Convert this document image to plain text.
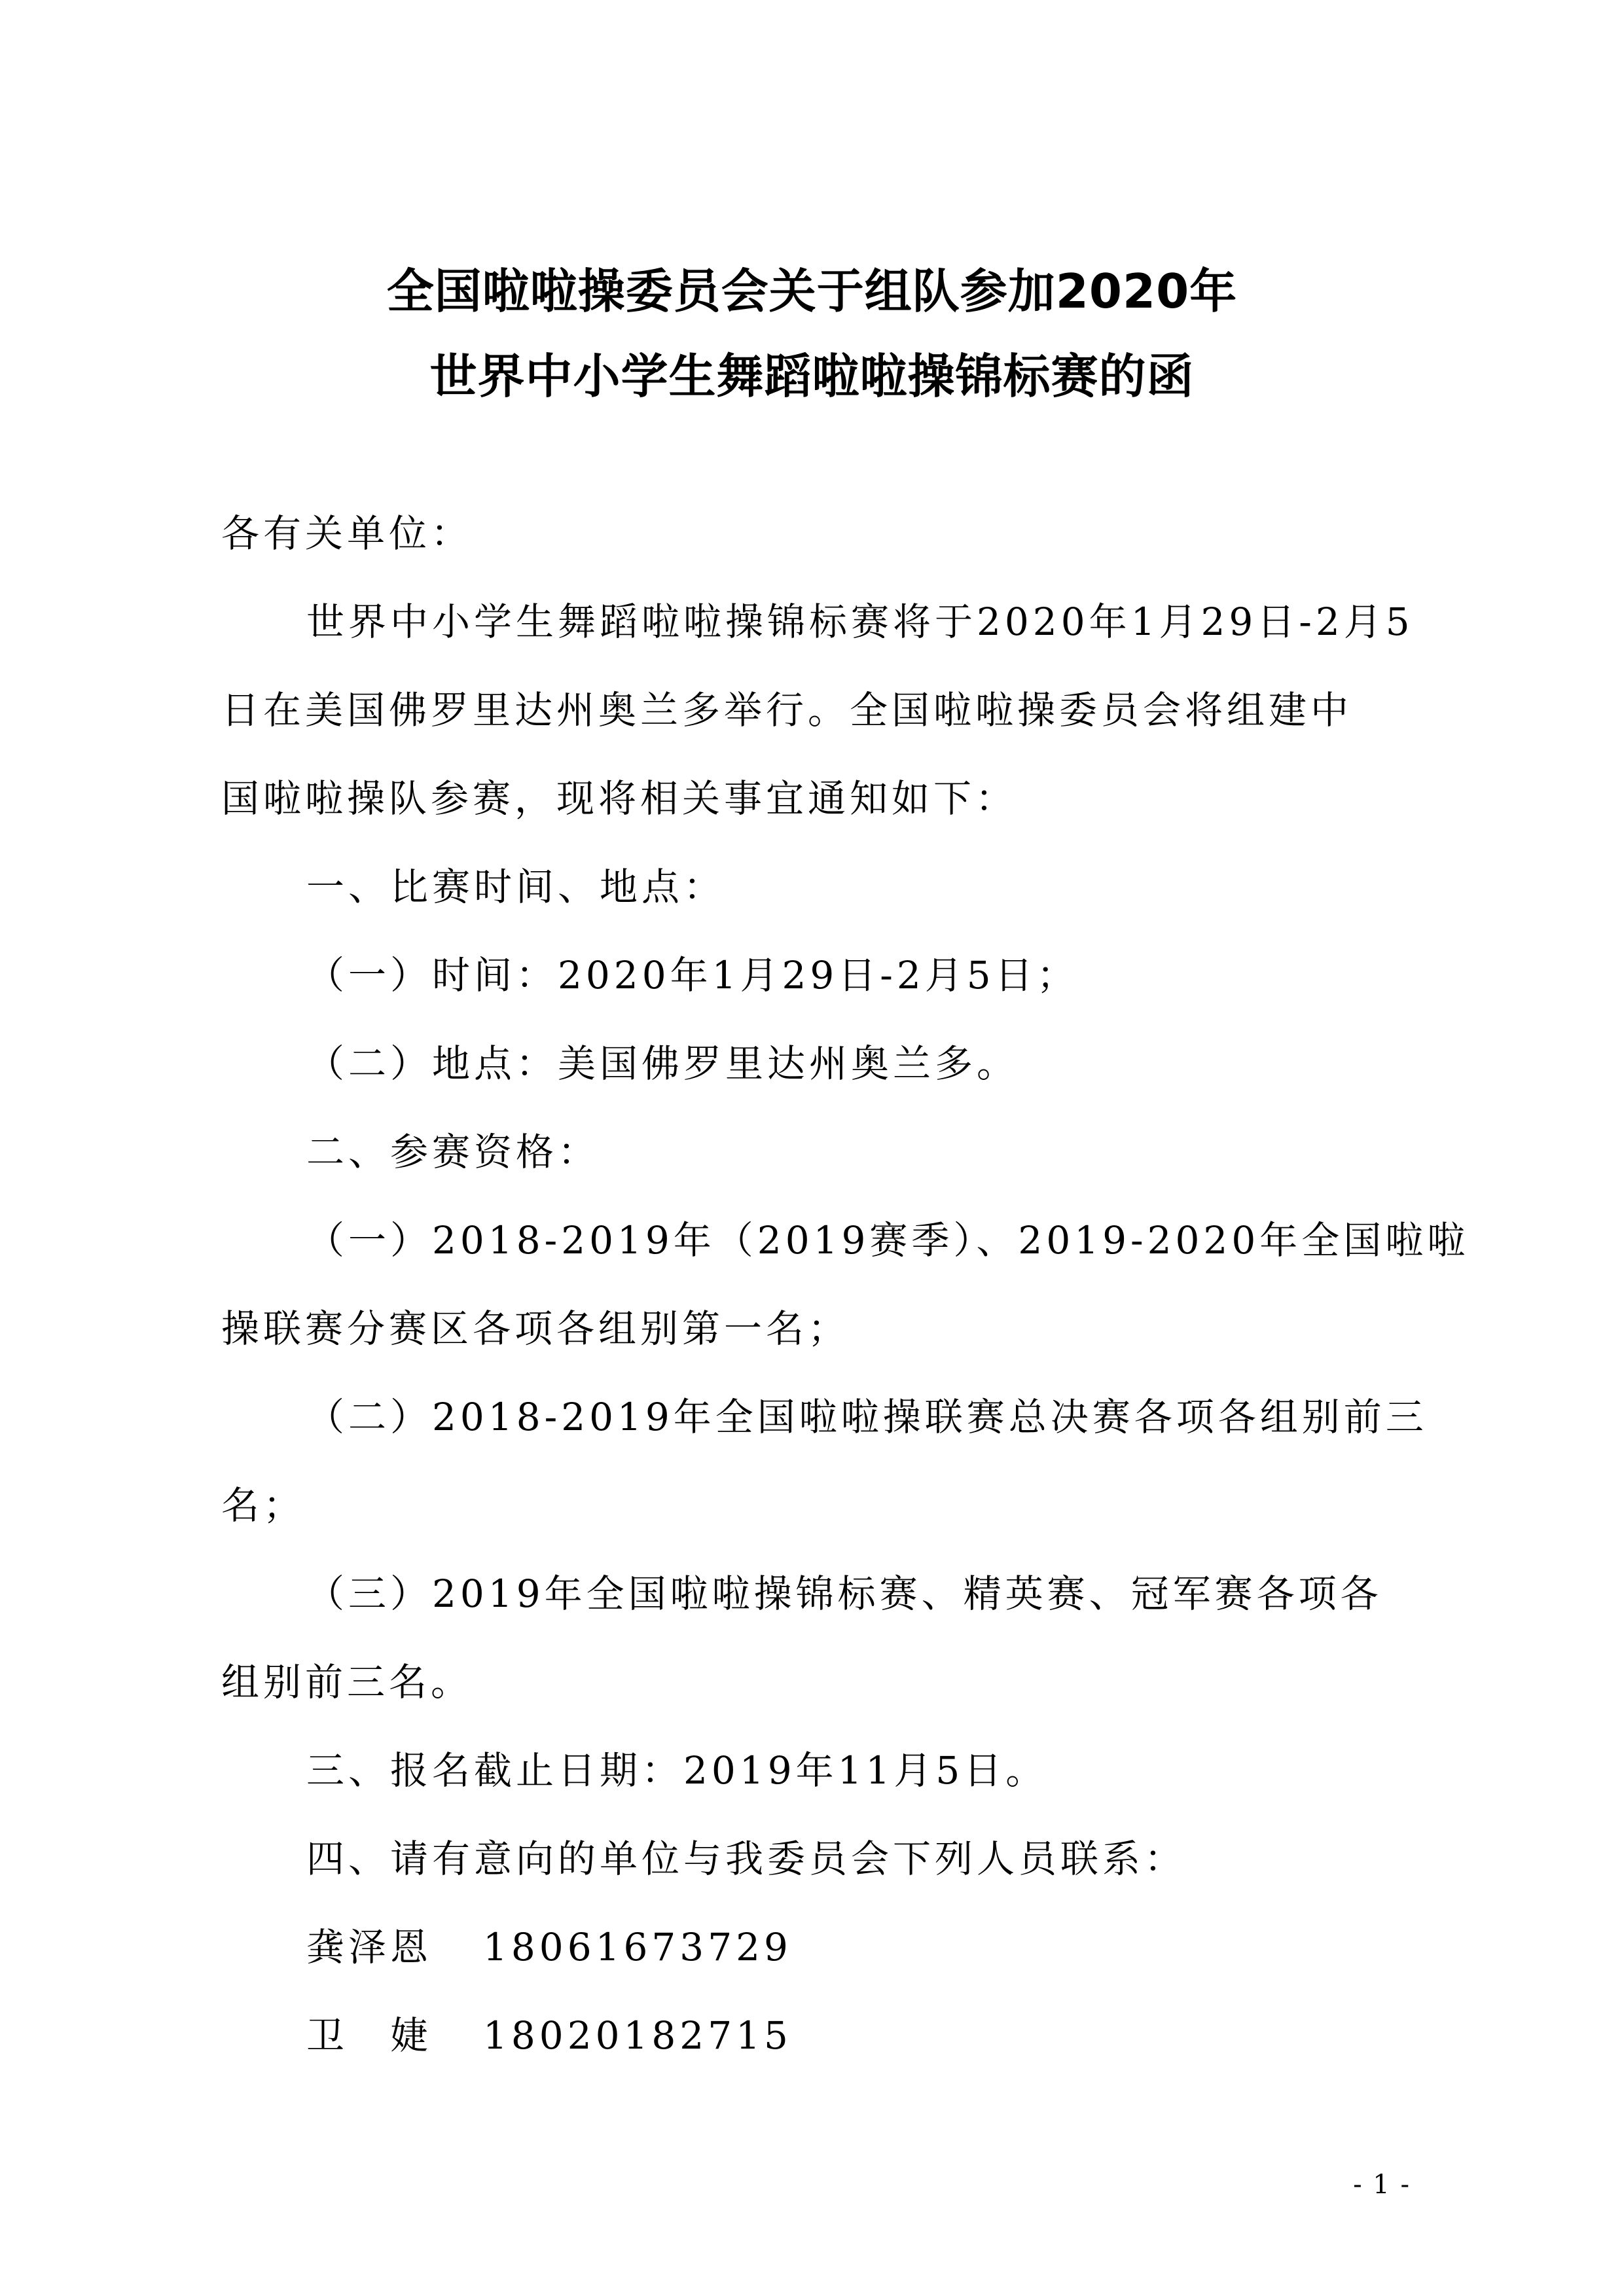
全国啦啦操委员会关于组队参加2020年
世界中小学生舞蹈啦啦操锦标赛的函
各有关单位：
世界中小学生舞蹈啦啦操锦标赛将于2020年1月29日-2月5
日在美国佛罗里达州奥兰多举行。全国啦啦操委员会将组建中
国啦啦操队参赛，现将相关事宜通知如下：
一、比赛时间、地点：
（一）时间：2020年1月29日-2月5日；
（二）地点：美国佛罗里达州奥兰多。
二、参赛资格：
（一）2018-2019年（2019赛季）、2019-2020年全国啦啦
操联赛分赛区各项各组别第一名；
（二）2018-2019年全国啦啦操联赛总决赛各项各组别前三
名；
（三）2019年全国啦啦操锦标赛、精英赛、冠军赛各项各
组别前三名。
三、报名截止日期：2019年11月5日。
四、请有意向的单位与我委员会下列人员联系：
龚泽恩 18061673729
卫　婕 18020182715
- 1 -
